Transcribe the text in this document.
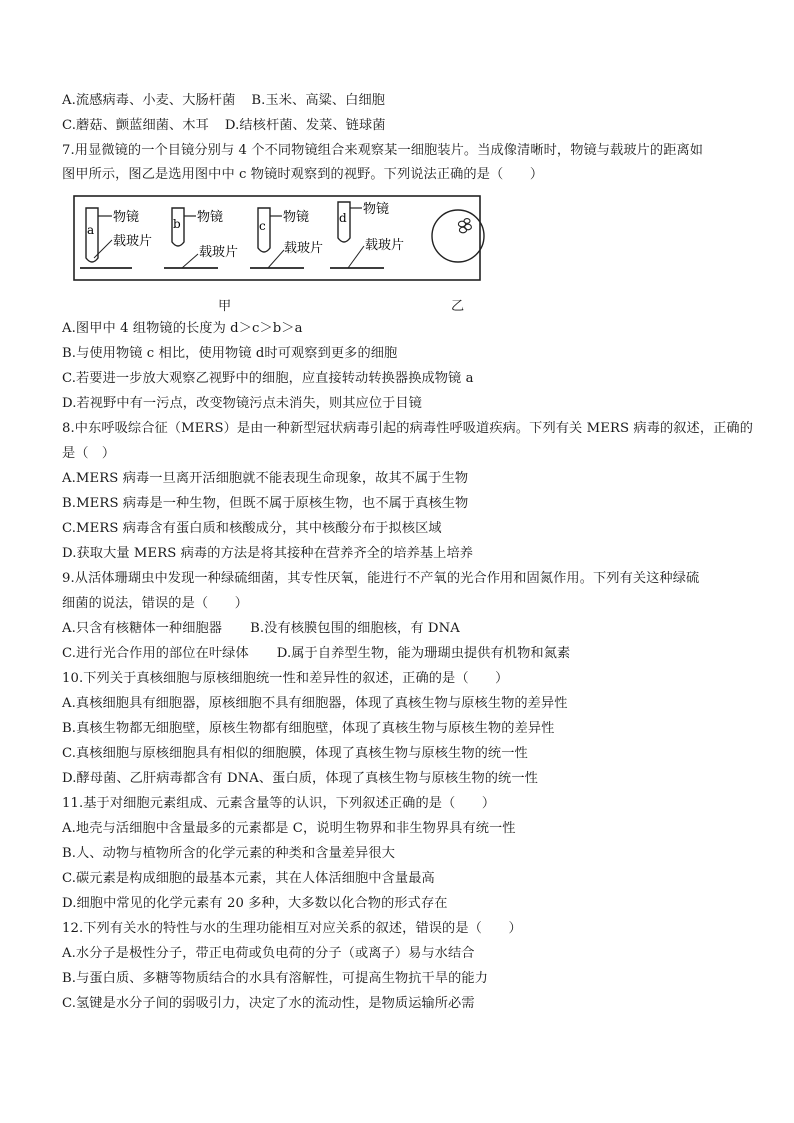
A.流感病毒、小麦、大肠杆菌 B.玉米、高粱、白细胞
C.蘑菇、颤蓝细菌、木耳 D.结核杆菌、发菜、链球菌
7.用显微镜的一个目镜分别与 4 个不同物镜组合来观察某一细胞装片。当成像清晰时，物镜与载玻片的距离如
图甲所示，图乙是选用图中中 c 物镜时观察到的视野。下列说法正确的是（　　）
a
物镜
载玻片
b 物镜
载玻片
c
物镜
载玻片
d
物镜
载玻片
甲	乙
A.图甲中 4 组物镜的长度为 d＞c＞b＞a
B.与使用物镜 c 相比，使用物镜 d时可观察到更多的细胞
C.若要进一步放大观察乙视野中的细胞，应直接转动转换器换成物镜 a
D.若视野中有一污点，改变物镜污点未消失，则其应位于目镜
8.中东呼吸综合征（MERS）是由一种新型冠状病毒引起的病毒性呼吸道疾病。下列有关 MERS 病毒的叙述，正确的
是（　）
A.MERS 病毒一旦离开活细胞就不能表现生命现象，故其不属于生物
B.MERS 病毒是一种生物，但既不属于原核生物，也不属于真核生物
C.MERS 病毒含有蛋白质和核酸成分，其中核酸分布于拟核区域
D.获取大量 MERS 病毒的方法是将其接种在营养齐全的培养基上培养
9.从活体珊瑚虫中发现一种绿硫细菌，其专性厌氧，能进行不产氧的光合作用和固氮作用。下列有关这种绿硫
细菌的说法，错误的是（　　）
A.只含有核糖体一种细胞器 B.没有核膜包围的细胞核，有 DNA
C.进行光合作用的部位在叶绿体 D.属于自养型生物，能为珊瑚虫提供有机物和氮素
10.下列关于真核细胞与原核细胞统一性和差异性的叙述，正确的是（　　）
A.真核细胞具有细胞器，原核细胞不具有细胞器，体现了真核生物与原核生物的差异性
B.真核生物都无细胞壁，原核生物都有细胞壁，体现了真核生物与原核生物的差异性
C.真核细胞与原核细胞具有相似的细胞膜，体现了真核生物与原核生物的统一性
D.酵母菌、乙肝病毒都含有 DNA、蛋白质，体现了真核生物与原核生物的统一性
11.基于对细胞元素组成、元素含量等的认识，下列叙述正确的是（　　）
A.地壳与活细胞中含量最多的元素都是 C，说明生物界和非生物界具有统一性
B.人、动物与植物所含的化学元素的种类和含量差异很大
C.碳元素是构成细胞的最基本元素，其在人体活细胞中含量最高
D.细胞中常见的化学元素有 20 多种，大多数以化合物的形式存在
12.下列有关水的特性与水的生理功能相互对应关系的叙述，错误的是（　　）
A.水分子是极性分子，带正电荷或负电荷的分子（或离子）易与水结合
B.与蛋白质、多糖等物质结合的水具有溶解性，可提高生物抗干旱的能力
C.氢键是水分子间的弱吸引力，决定了水的流动性，是物质运输所必需
